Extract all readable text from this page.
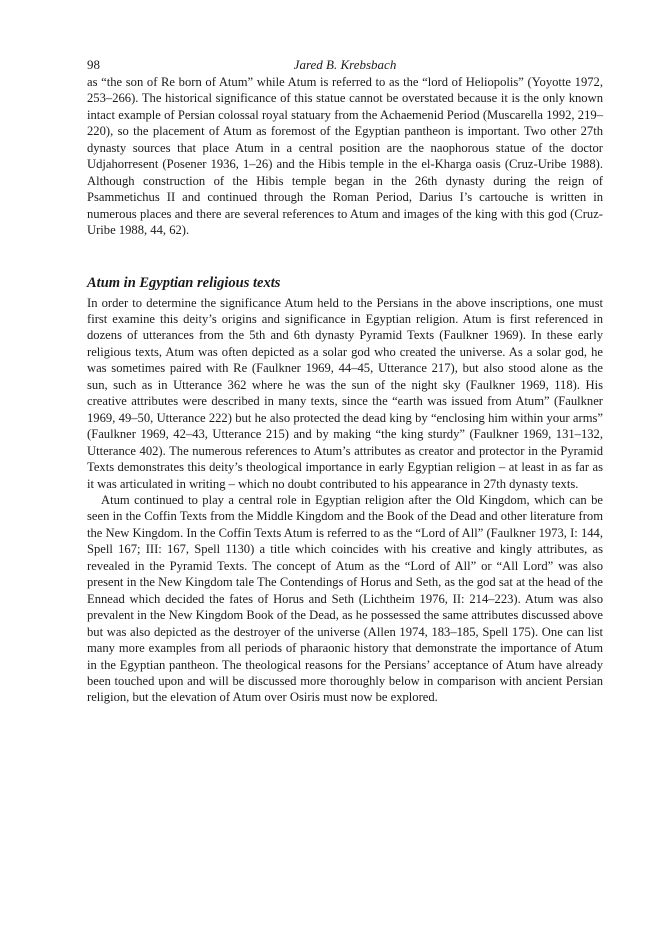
98	Jared B. Krebsbach

as “the son of Re born of Atum” while Atum is referred to as the “lord of Heliopolis” (Yoyotte 1972, 253–266). The historical significance of this statue cannot be overstated because it is the only known intact example of Persian colossal royal statuary from the Achaemenid Period (Muscarella 1992, 219–220), so the placement of Atum as foremost of the Egyptian pantheon is important. Two other 27th dynasty sources that place Atum in a central position are the naophorous statue of the doctor Udjahorresent (Posener 1936, 1–26) and the Hibis temple in the el-Kharga oasis (Cruz-Uribe 1988). Although construction of the Hibis temple began in the 26th dynasty during the reign of Psammetichus II and continued through the Roman Period, Darius I’s cartouche is written in numerous places and there are several references to Atum and images of the king with this god (Cruz-Uribe 1988, 44, 62).

Atum in Egyptian religious texts

In order to determine the significance Atum held to the Persians in the above inscriptions, one must first examine this deity’s origins and significance in Egyptian religion. Atum is first referenced in dozens of utterances from the 5th and 6th dynasty Pyramid Texts (Faulkner 1969). In these early religious texts, Atum was often depicted as a solar god who created the universe. As a solar god, he was sometimes paired with Re (Faulkner 1969, 44–45, Utterance 217), but also stood alone as the sun, such as in Utterance 362 where he was the sun of the night sky (Faulkner 1969, 118). His creative attributes were described in many texts, since the “earth was issued from Atum” (Faulkner 1969, 49–50, Utterance 222) but he also protected the dead king by “enclosing him within your arms” (Faulkner 1969, 42–43, Utterance 215) and by making “the king sturdy” (Faulkner 1969, 131–132, Utterance 402). The numerous references to Atum’s attributes as creator and protector in the Pyramid Texts demonstrates this deity’s theological importance in early Egyptian religion – at least in as far as it was articulated in writing – which no doubt contributed to his appearance in 27th dynasty texts.

Atum continued to play a central role in Egyptian religion after the Old Kingdom, which can be seen in the Coffin Texts from the Middle Kingdom and the Book of the Dead and other literature from the New Kingdom. In the Coffin Texts Atum is referred to as the “Lord of All” (Faulkner 1973, I: 144, Spell 167; III: 167, Spell 1130) a title which coincides with his creative and kingly attributes, as revealed in the Pyramid Texts. The concept of Atum as the “Lord of All” or “All Lord” was also present in the New Kingdom tale The Contendings of Horus and Seth, as the god sat at the head of the Ennead which decided the fates of Horus and Seth (Lichtheim 1976, II: 214–223). Atum was also prevalent in the New Kingdom Book of the Dead, as he possessed the same attributes discussed above but was also depicted as the destroyer of the universe (Allen 1974, 183–185, Spell 175). One can list many more examples from all periods of pharaonic history that demonstrate the importance of Atum in the Egyptian pantheon. The theological reasons for the Persians’ acceptance of Atum have already been touched upon and will be discussed more thoroughly below in comparison with ancient Persian religion, but the elevation of Atum over Osiris must now be explored.
